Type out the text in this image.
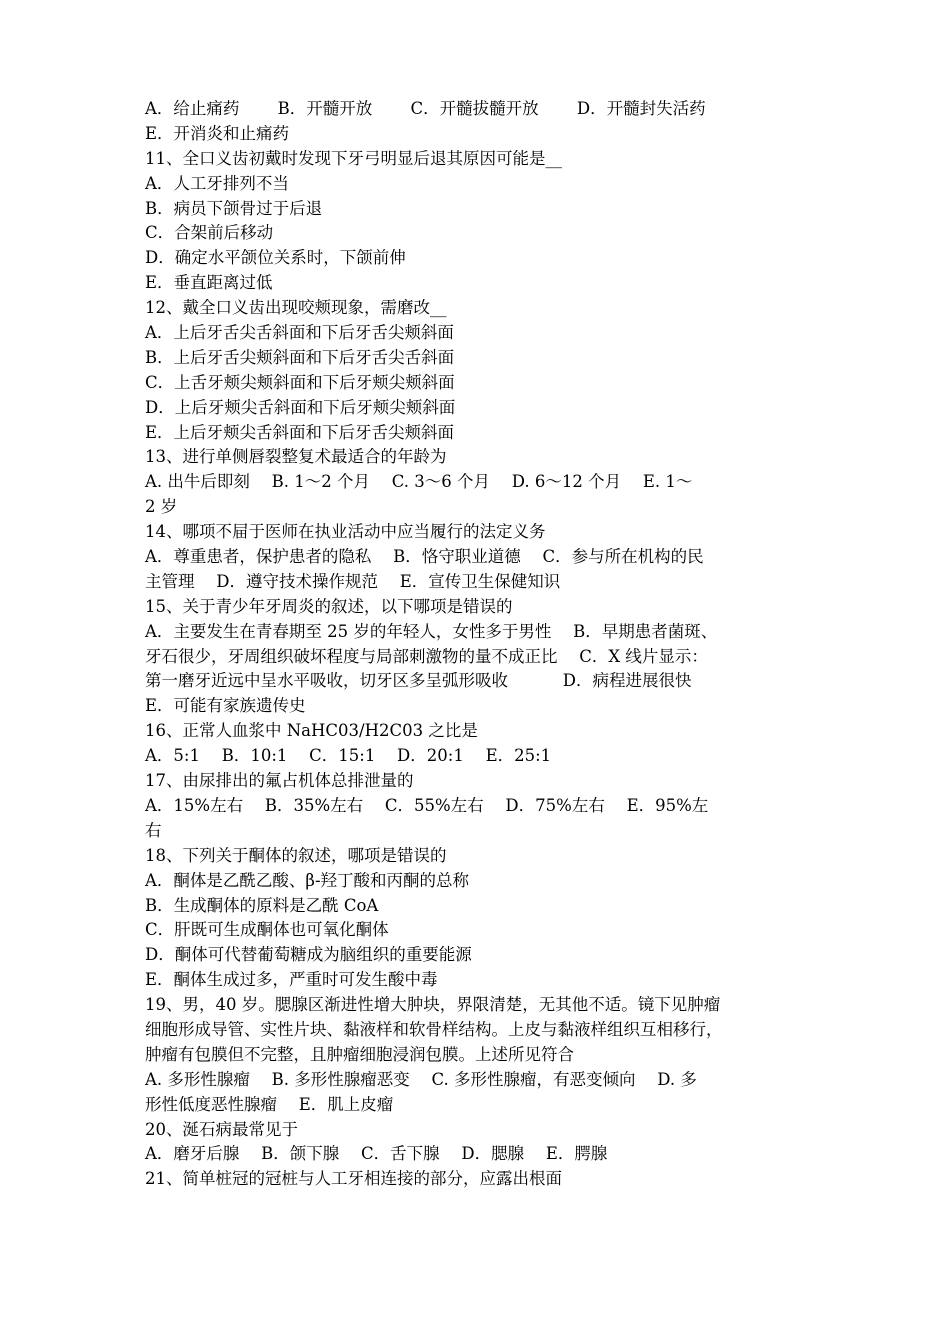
A．给止痛药　　 B．开髓开放　　 C．开髓拔髓开放　　 D．开髓封失活药
E．开消炎和止痛药
11、全口义齿初戴时发现下牙弓明显后退其原因可能是__
A．人工牙排列不当
B．病员下颌骨过于后退
C．合架前后移动
D．确定水平颌位关系时，下颌前伸
E．垂直距离过低
12、戴全口义齿出现咬颊现象，需磨改__
A．上后牙舌尖舌斜面和下后牙舌尖颊斜面
B．上后牙舌尖颊斜面和下后牙舌尖舌斜面
C．上舌牙颊尖颊斜面和下后牙颊尖颊斜面
D．上后牙颊尖舌斜面和下后牙颊尖颊斜面
E．上后牙颊尖舌斜面和下后牙舌尖颊斜面
13、进行单侧唇裂整复术最适合的年龄为
A. 出牛后即刻　 B. 1～2 个月　 C. 3～6 个月　 D. 6～12 个月　 E. 1～
2 岁
14、哪项不屇于医师在执业活动中应当履行的法定义务
A．尊重患者，保护患者的隐私　 B．恪守职业道德　 C．参与所在机构的民
主管理　 D．遵守技术操作规范　 E．宣传卫生保健知识
15、关于青少年牙周炎的叙述，以下哪项是错误的
A．主要发生在青春期至 25 岁的年轻人，女性多于男性　 B．早期患者菌斑、
牙石很少，牙周组织破坏程度与局部刺激物的量不成正比　 C．X 线片显示：
第一磨牙近远中呈水平吸收，切牙区多呈弧形吸收　　　 D．病程进展很快
E．可能有家族遗传史
16、正常人血浆中 NaHC03/H2C03 之比是
A．5:1　 B．10:1　 C．15:1　 D．20:1　 E．25:1
17、由尿排出的氟占机体总排泄量的
A．15%左右　 B．35%左右　 C．55%左右　 D．75%左右　 E．95%左
右
18、下列关于酮体的叙述，哪项是错误的
A．酮体是乙酰乙酸、β-羟丁酸和丙酮的总称
B．生成酮体的原料是乙酰 CoA
C．肝既可生成酮体也可氧化酮体
D．酮体可代替葡萄糖成为脑组织的重要能源
E．酮体生成过多，严重时可发生酸中毒
19、男，40 岁。腮腺区渐进性增大肿块，界限清楚，无其他不适。镜下见肿瘤
细胞形成导管、实性片块、黏液样和软骨样结构。上皮与黏液样组织互相移行，
肿瘤有包膜但不完整，且肿瘤细胞浸润包膜。上述所见符合
A. 多形性腺瘤　 B. 多形性腺瘤恶变　 C. 多形性腺瘤，有恶变倾向　 D. 多
形性低度恶性腺瘤　 E．肌上皮瘤
20、涎石病最常见于
A．磨牙后腺　 B．颌下腺　 C．舌下腺　 D．腮腺　 E．腭腺
21、简单桩冠的冠桩与人工牙相连接的部分，应露出根面
